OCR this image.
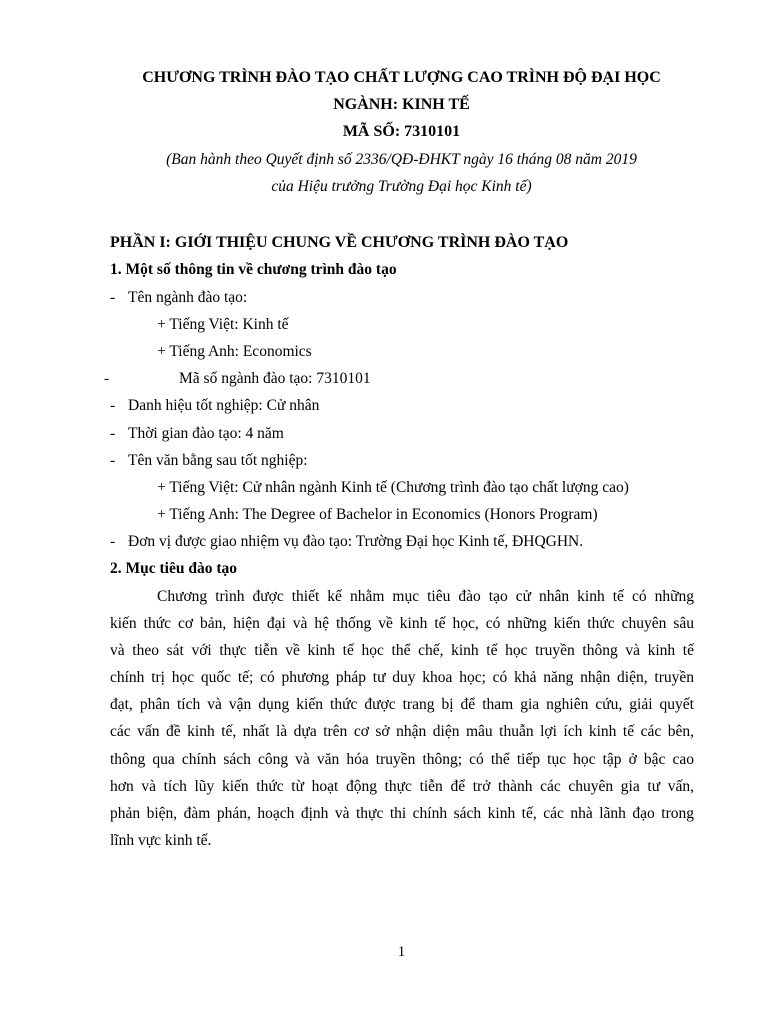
CHƯƠNG TRÌNH ĐÀO TẠO CHẤT LƯỢNG CAO TRÌNH ĐỘ ĐẠI HỌC
NGÀNH: KINH TẾ
MÃ SỐ: 7310101
(Ban hành theo Quyết định số 2336/QĐ-ĐHKT ngày 16 tháng 08 năm 2019
của Hiệu trưởng Trường Đại học Kinh tế)
PHẦN I: GIỚI THIỆU CHUNG VỀ CHƯƠNG TRÌNH ĐÀO TẠO
1. Một số thông tin về chương trình đào tạo
- Tên ngành đào tạo:
+ Tiếng Việt: Kinh tế
+ Tiếng Anh: Economics
-	Mã số ngành đào tạo: 7310101
- Danh hiệu tốt nghiệp: Cử nhân
- Thời gian đào tạo: 4 năm
- Tên văn bằng sau tốt nghiệp:
+ Tiếng Việt: Cử nhân ngành Kinh tế (Chương trình đào tạo chất lượng cao)
+ Tiếng Anh: The Degree of Bachelor in Economics (Honors Program)
- Đơn vị được giao nhiệm vụ đào tạo: Trường Đại học Kinh tế, ĐHQGHN.
2. Mục tiêu đào tạo
Chương trình được thiết kế nhằm mục tiêu đào tạo cử nhân kinh tế có những
kiến thức cơ bản, hiện đại và hệ thống về kinh tế học, có những kiến thức chuyên sâu
và theo sát với thực tiễn về kinh tế học thể chế, kinh tế học truyền thông và kinh tế
chính trị học quốc tế; có phương pháp tư duy khoa học; có khả năng nhận diện, truyền
đạt, phân tích và vận dụng kiến thức được trang bị để tham gia nghiên cứu, giải quyết
các vấn đề kinh tế, nhất là dựa trên cơ sở nhận diện mâu thuẫn lợi ích kinh tế các bên,
thông qua chính sách công và văn hóa truyền thông; có thể tiếp tục học tập ở bậc cao
hơn và tích lũy kiến thức từ hoạt động thực tiễn để trở thành các chuyên gia tư vấn,
phản biện, đàm phán, hoạch định và thực thi chính sách kinh tế, các nhà lãnh đạo trong
lĩnh vực kinh tế.
1
